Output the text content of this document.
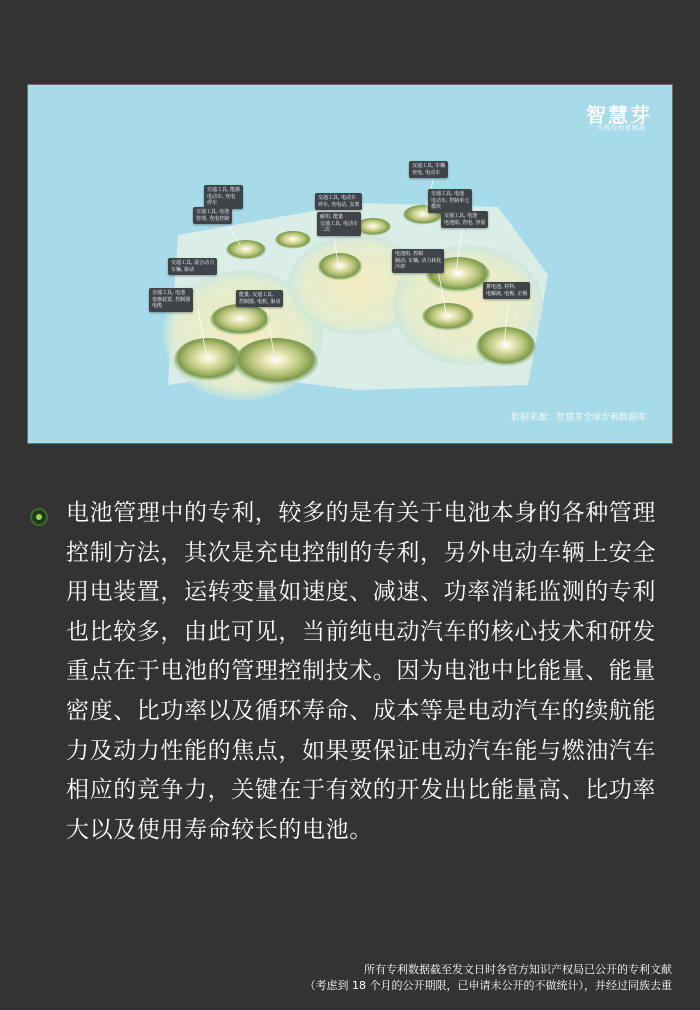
智慧芽
为科技创新赋能
交通工具, 能源
电动车, 充电
停车
交通工具, 电池
管理, 充电控制
交通工具, 混合动力
车辆, 驱动
交通工具, 电动车
停车, 充电站, 支架
耐用, 能量
交通工具, 电动车
二次
交通工具, 车辆
充电, 电动车
交通工具, 电池
电动车, 控制单元
模块
交通工具, 电池
电池组, 充电, 容量
能量, 交通工具,
控制器, 电机, 驱动
电池组, 控制
制动, 车辆, 动力转化
冷却
交通工具, 电池
变换装置, 控制器
电缆
蓄电池, 材料,
电解液, 电极, 正极
数据来源：智慧芽全球专利数据库
电池管理中的专利，较多的是有关于电池本身的各种管理控制方法，其次是充电控制的专利，另外电动车辆上安全用电装置，运转变量如速度、减速、功率消耗监测的专利也比较多，由此可见，当前纯电动汽车的核心技术和研发重点在于电池的管理控制技术。因为电池中比能量、能量密度、比功率以及循环寿命、成本等是电动汽车的续航能力及动力性能的焦点，如果要保证电动汽车能与燃油汽车相应的竞争力，关键在于有效的开发出比能量高、比功率大以及使用寿命较长的电池。
所有专利数据截至发文日时各官方知识产权局已公开的专利文献
（考虑到 18 个月的公开期限，已申请未公开的不做统计），并经过同族去重
